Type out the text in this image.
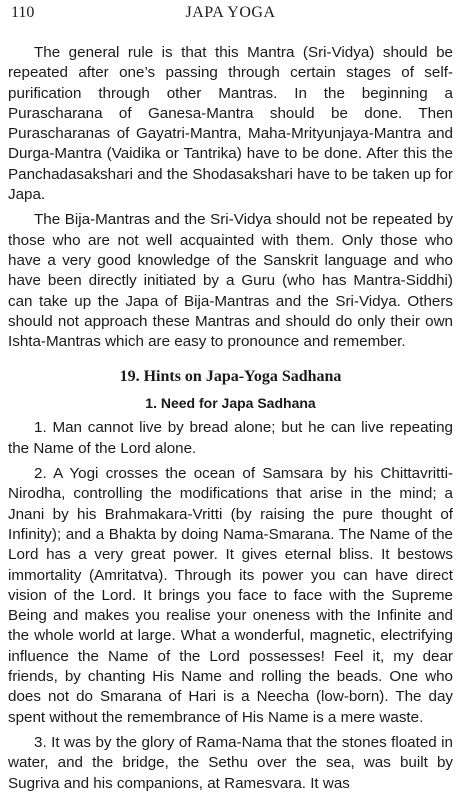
110	JAPA YOGA

The general rule is that this Mantra (Sri-Vidya) should be repeated after one’s passing through certain stages of self-purification through other Mantras. In the beginning a Purascharana of Ganesa-Mantra should be done. Then Purascharanas of Gayatri-Mantra, Maha-Mrityunjaya-Mantra and Durga-Mantra (Vaidika or Tantrika) have to be done. After this the Panchadasakshari and the Shodasakshari have to be taken up for Japa.

The Bija-Mantras and the Sri-Vidya should not be repeated by those who are not well acquainted with them. Only those who have a very good knowledge of the Sanskrit language and who have been directly initiated by a Guru (who has Mantra-Siddhi) can take up the Japa of Bija-Mantras and the Sri-Vidya. Others should not approach these Mantras and should do only their own Ishta-Mantras which are easy to pronounce and remember.

19. Hints on Japa-Yoga Sadhana
1. Need for Japa Sadhana

1. Man cannot live by bread alone; but he can live repeating the Name of the Lord alone.

2. A Yogi crosses the ocean of Samsara by his Chittavritti-Nirodha, controlling the modifications that arise in the mind; a Jnani by his Brahmakara-Vritti (by raising the pure thought of Infinity); and a Bhakta by doing Nama-Smarana. The Name of the Lord has a very great power. It gives eternal bliss. It bestows immortality (Amritatva). Through its power you can have direct vision of the Lord. It brings you face to face with the Supreme Being and makes you realise your oneness with the Infinite and the whole world at large. What a wonderful, magnetic, electrifying influence the Name of the Lord possesses! Feel it, my dear friends, by chanting His Name and rolling the beads. One who does not do Smarana of Hari is a Neecha (low-born). The day spent without the remembrance of His Name is a mere waste.

3. It was by the glory of Rama-Nama that the stones floated in water, and the bridge, the Sethu over the sea, was built by Sugriva and his companions, at Ramesvara. It was
